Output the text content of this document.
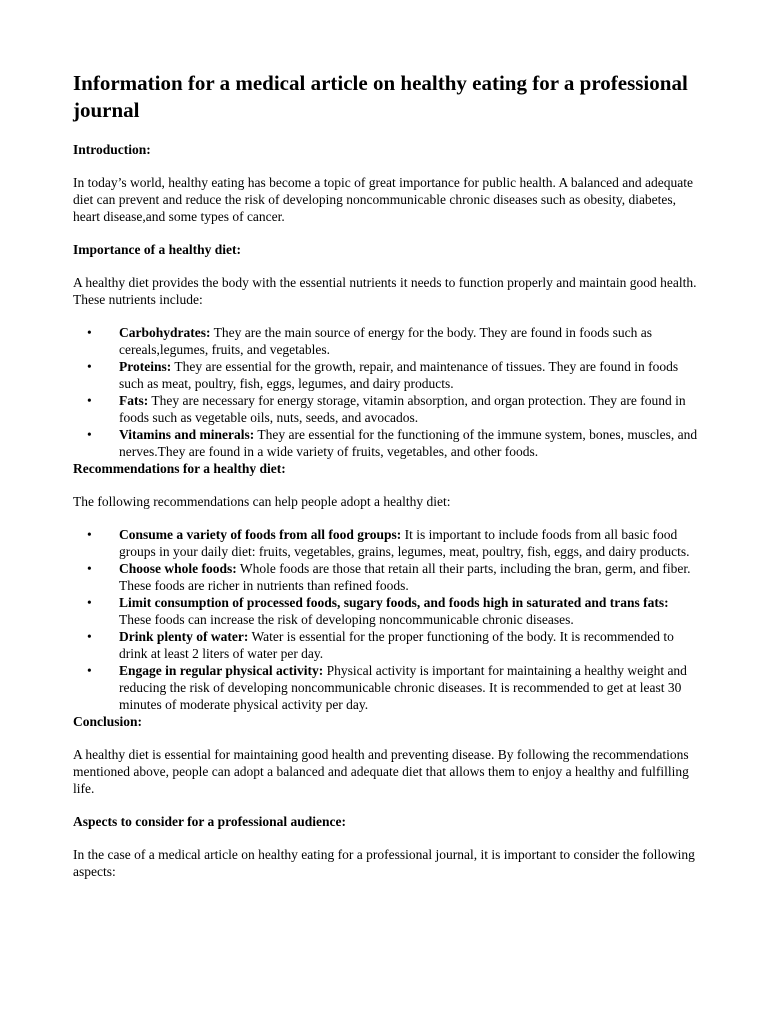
Information for a medical article on healthy eating for a professional journal

Introduction:

In today’s world, healthy eating has become a topic of great importance for public health. A balanced and adequate diet can prevent and reduce the risk of developing noncommunicable chronic diseases such as obesity, diabetes, heart disease,and some types of cancer.

Importance of a healthy diet:

A healthy diet provides the body with the essential nutrients it needs to function properly and maintain good health. These nutrients include:

• Carbohydrates: They are the main source of energy for the body. They are found in foods such as cereals,legumes, fruits, and vegetables.
• Proteins: They are essential for the growth, repair, and maintenance of tissues. They are found in foods such as meat, poultry, fish, eggs, legumes, and dairy products.
• Fats: They are necessary for energy storage, vitamin absorption, and organ protection. They are found in foods such as vegetable oils, nuts, seeds, and avocados.
• Vitamins and minerals: They are essential for the functioning of the immune system, bones, muscles, and nerves.They are found in a wide variety of fruits, vegetables, and other foods.

Recommendations for a healthy diet:

The following recommendations can help people adopt a healthy diet:

• Consume a variety of foods from all food groups: It is important to include foods from all basic food groups in your daily diet: fruits, vegetables, grains, legumes, meat, poultry, fish, eggs, and dairy products.
• Choose whole foods: Whole foods are those that retain all their parts, including the bran, germ, and fiber. These foods are richer in nutrients than refined foods.
• Limit consumption of processed foods, sugary foods, and foods high in saturated and trans fats: These foods can increase the risk of developing noncommunicable chronic diseases.
• Drink plenty of water: Water is essential for the proper functioning of the body. It is recommended to drink at least 2 liters of water per day.
• Engage in regular physical activity: Physical activity is important for maintaining a healthy weight and reducing the risk of developing noncommunicable chronic diseases. It is recommended to get at least 30 minutes of moderate physical activity per day.

Conclusion:

A healthy diet is essential for maintaining good health and preventing disease. By following the recommendations mentioned above, people can adopt a balanced and adequate diet that allows them to enjoy a healthy and fulfilling life.

Aspects to consider for a professional audience:

In the case of a medical article on healthy eating for a professional journal, it is important to consider the following aspects:
